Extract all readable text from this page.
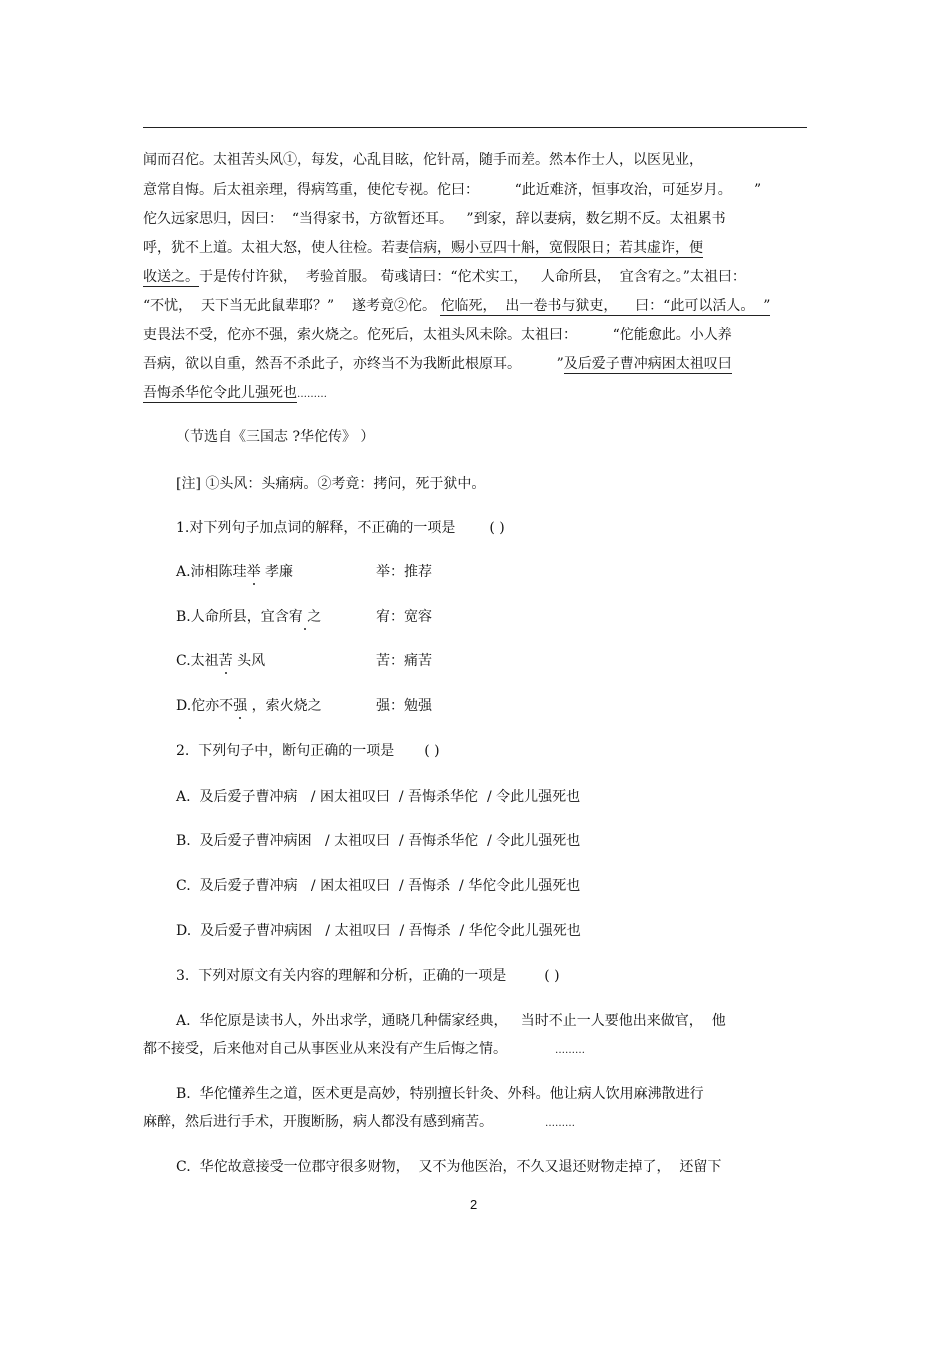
闻而召佗。太祖苦头风①，每发，心乱目眩，佗针鬲，随手而差。然本作士人，以医见业，
意常自悔。后太祖亲理，得病笃重，使佗专视。佗曰：        “此近难济，恒事攻治，可延岁月。     ”
佗久远家思归，因曰：  “当得家书，方欲暂还耳。   ”到家，辞以妻病，数乞期不反。太祖累书
呼，犹不上道。太祖大怒，使人往检。若妻信病，赐小豆四十斛，宽假限日；若其虚诈，便
收送之。于是传付许狱，  考验首服。 荀彧请曰：“佗术实工，   人命所县，  宜含宥之。”太祖曰：
“不忧，  天下当无此鼠辈耶？”    遂考竟②佗。 佗临死，  出一卷书与狱吏，    曰：“此可以活人。  ”
吏畏法不受，佗亦不强，索火烧之。佗死后，太祖头风未除。太祖曰：        “佗能愈此。小人养
吾病，欲以自重，然吾不杀此子，亦终当不为我断此根原耳。        ”及后爱子曹冲病困太祖叹曰
吾悔杀华佗令此儿强死也………
（节选自《三国志 ?华佗传》 ）
[注] ①头风：头痛病。②考竟：拷问，死于狱中。
1.对下列句子加点词的解释，不正确的一项是 ( )
A.沛相陈珪举 孝廉	举：推荐
B.人命所县，宜含宥 之	宥：宽容
C.太祖苦 头风	苦：痛苦
D.佗亦不强 ，索火烧之	强：勉强
2.  下列句子中，断句正确的一项是 ( )
A.  及后爱子曹冲病   / 困太祖叹曰  / 吾悔杀华佗  / 令此儿强死也
B.  及后爱子曹冲病困   / 太祖叹曰  / 吾悔杀华佗  / 令此儿强死也
C.  及后爱子曹冲病   / 困太祖叹曰  / 吾悔杀  / 华佗令此儿强死也
D.  及后爱子曹冲病困   / 太祖叹曰  / 吾悔杀  / 华佗令此儿强死也
3.  下列对原文有关内容的理解和分析，正确的一项是	( )
A.  华佗原是读书人，外出求学，通晓几种儒家经典，   当时不止一人要他出来做官，  他
都不接受，后来他对自己从事医业从来没有产生后悔之情。	………
B.  华佗懂养生之道，医术更是高妙，特别擅长针灸、外科。他让病人饮用麻沸散进行
麻醉，然后进行手术，开腹断肠，病人都没有感到痛苦。	………
C.  华佗故意接受一位郡守很多财物，  又不为他医治，不久又退还财物走掉了，  还留下
2
